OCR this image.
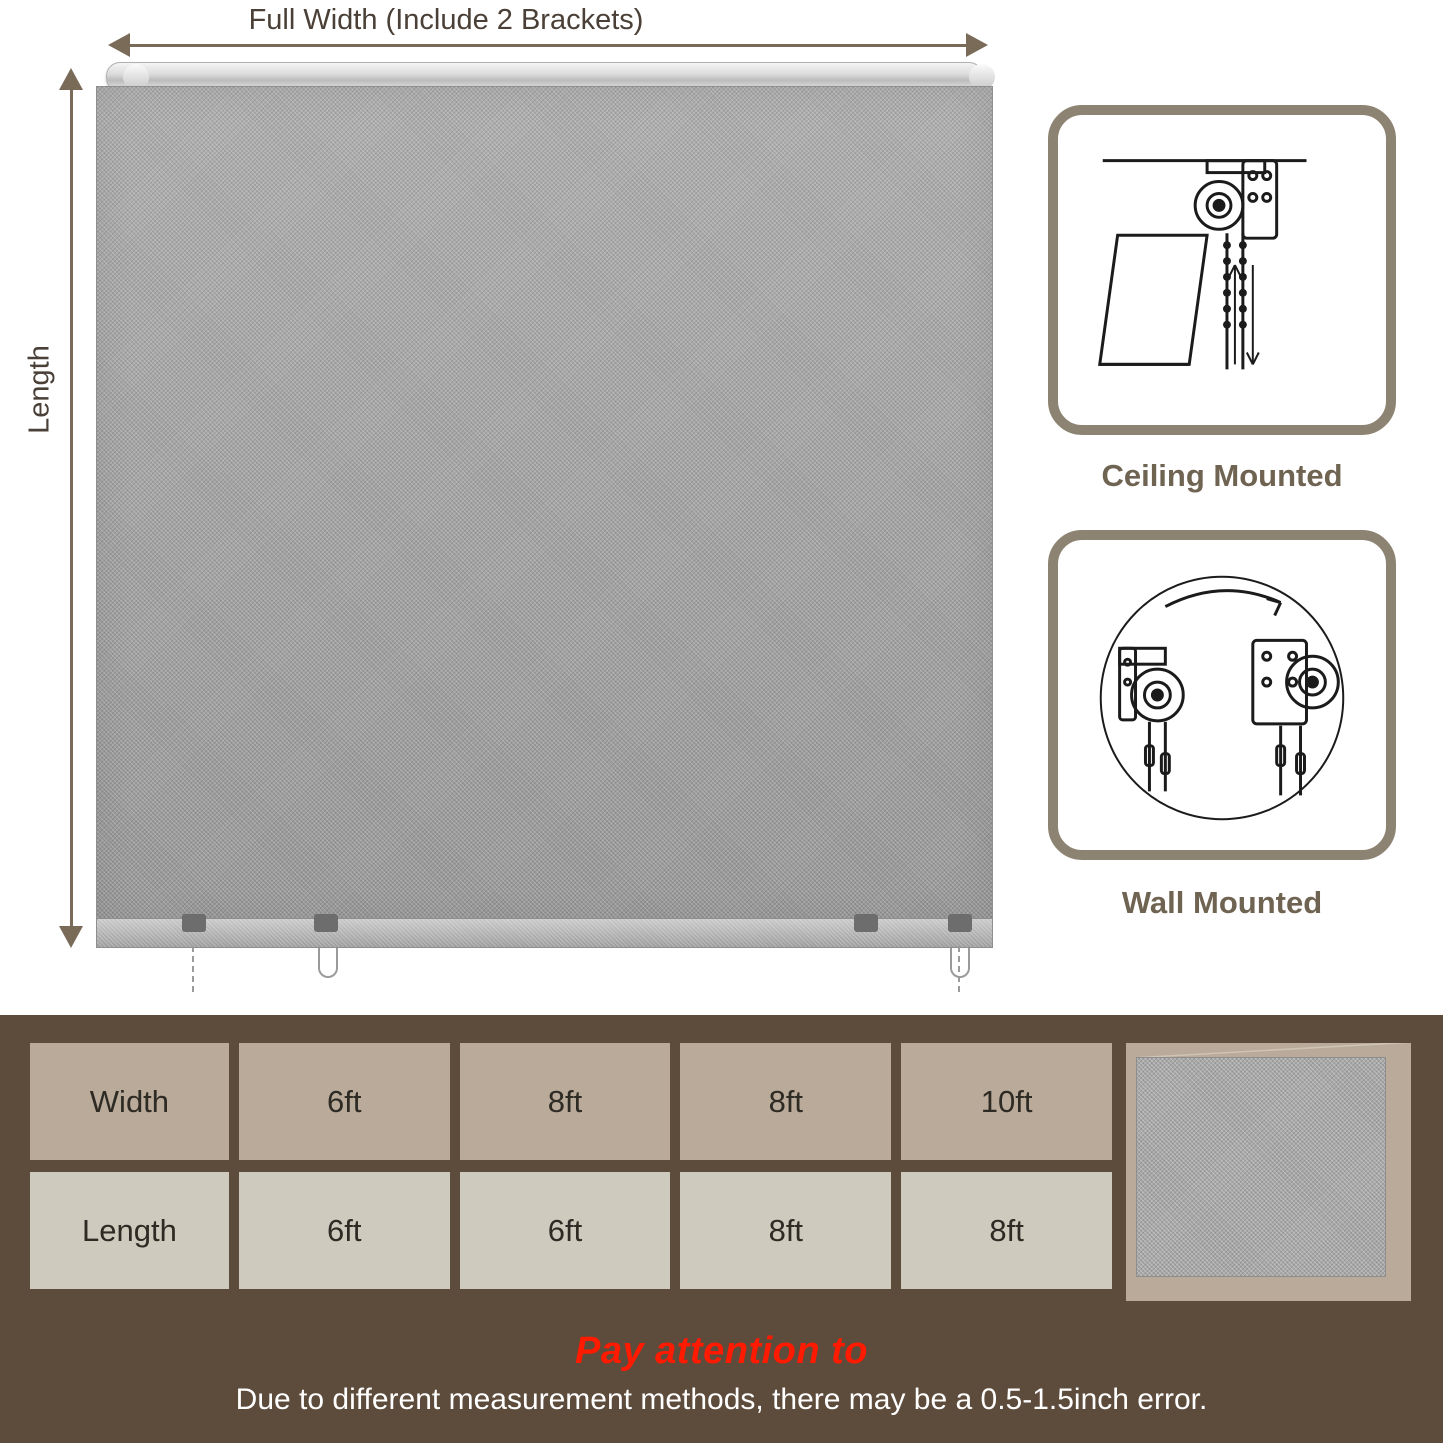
Full Width (Include 2 Brackets)
Length
Ceiling Mounted
Wall Mounted
Width	6ft	8ft	8ft	10ft
Length	6ft	6ft	8ft	8ft
Pay attention to
Due to different measurement methods, there may be a 0.5-1.5inch error.
